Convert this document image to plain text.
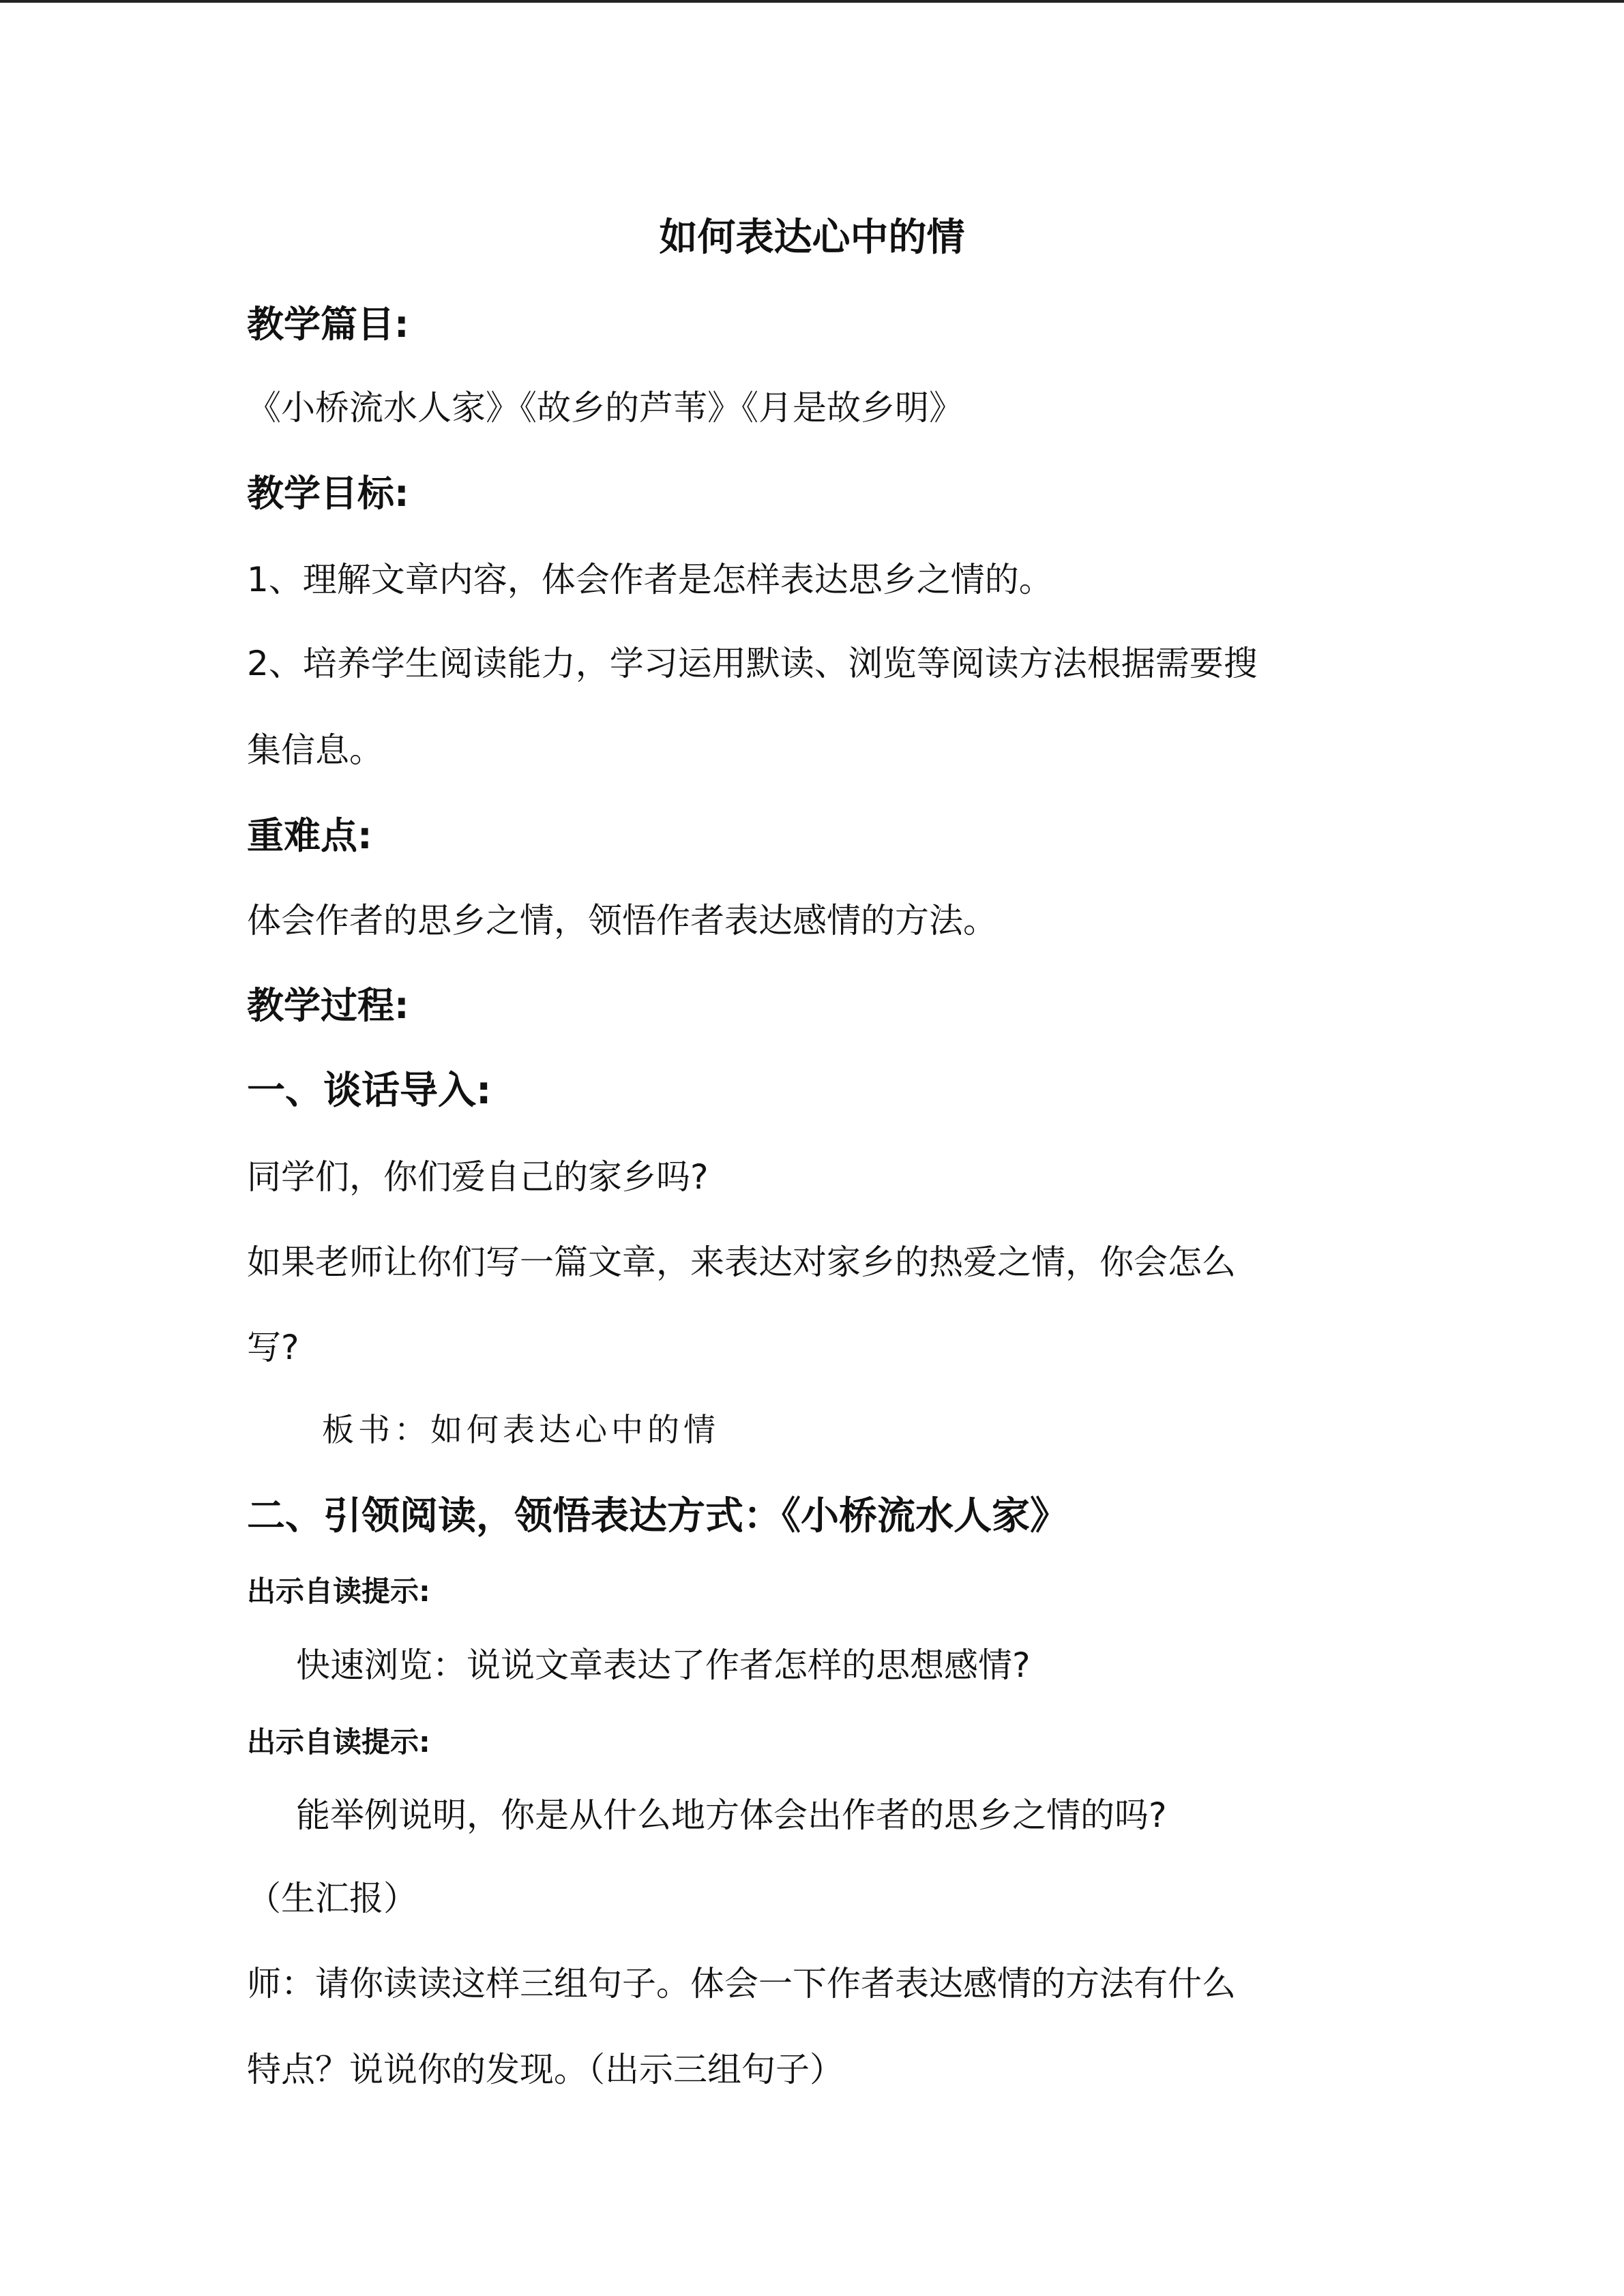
如何表达心中的情
教学篇目:
《小桥流水人家》《故乡的芦苇》《月是故乡明》
教学目标:
1、理解文章内容，体会作者是怎样表达思乡之情的。
2、培养学生阅读能力，学习运用默读、浏览等阅读方法根据需要搜
集信息。
重难点:
体会作者的思乡之情，领悟作者表达感情的方法。
教学过程:
一、谈话导入:
同学们，你们爱自己的家乡吗?
如果老师让你们写一篇文章，来表达对家乡的热爱之情，你会怎么
写?
板书：如何表达心中的情
二、引领阅读，领悟表达方式：《小桥流水人家》
出示自读提示:
快速浏览：说说文章表达了作者怎样的思想感情?
出示自读提示:
能举例说明，你是从什么地方体会出作者的思乡之情的吗?
（生汇报）
师：请你读读这样三组句子。体会一下作者表达感情的方法有什么
特点？说说你的发现。（出示三组句子）
